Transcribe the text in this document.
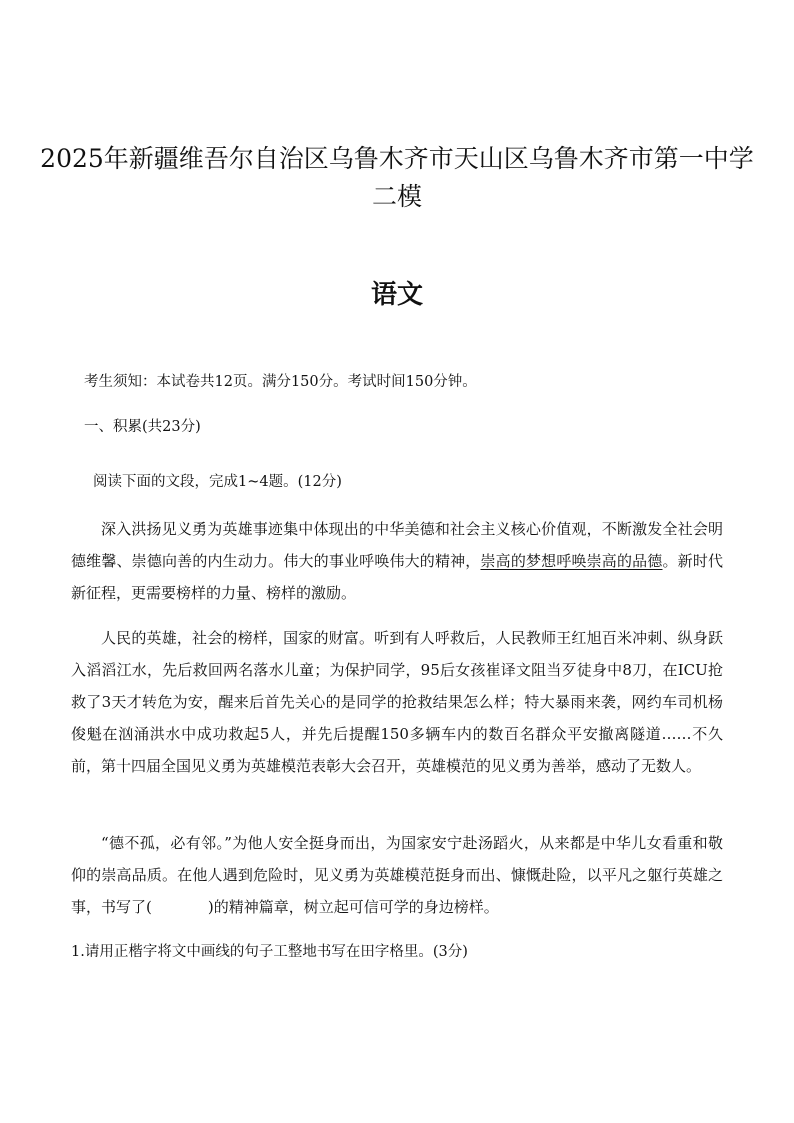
2025年新疆维吾尔自治区乌鲁木齐市天山区乌鲁木齐市第一中学二模
语文

考生须知：本试卷共12页。满分150分。考试时间150分钟。

一、积累(共23分)

阅读下面的文段，完成1~4题。(12分)

深入洪扬见义勇为英雄事迹集中体现出的中华美德和社会主义核心价值观，不断激发全社会明德维馨、崇德向善的内生动力。伟大的事业呼唤伟大的精神，崇高的梦想呼唤崇高的品德。新时代新征程，更需要榜样的力量、榜样的激励。

人民的英雄，社会的榜样，国家的财富。听到有人呼救后，人民教师王红旭百米冲刺、纵身跃入滔滔江水，先后救回两名落水儿童；为保护同学，95后女孩崔译文阻当歹徒身中8刀，在ICU抢救了3天才转危为安，醒来后首先关心的是同学的抢救结果怎么样；特大暴雨来袭，网约车司机杨俊魁在汹涌洪水中成功救起5人，并先后提醒150多辆车内的数百名群众平安撤离隧道……不久前，第十四届全国见义勇为英雄模范表彰大会召开，英雄模范的见义勇为善举，感动了无数人。

“德不孤，必有邻。”为他人安全挺身而出，为国家安宁赴汤蹈火，从来都是中华儿女看重和敬仰的崇高品质。在他人遇到危险时，见义勇为英雄模范挺身而出、慷慨赴险，以平凡之躯行英雄之事，书写了(	)的精神篇章，树立起可信可学的身边榜样。

1.请用正楷字将文中画线的句子工整地书写在田字格里。(3分)
